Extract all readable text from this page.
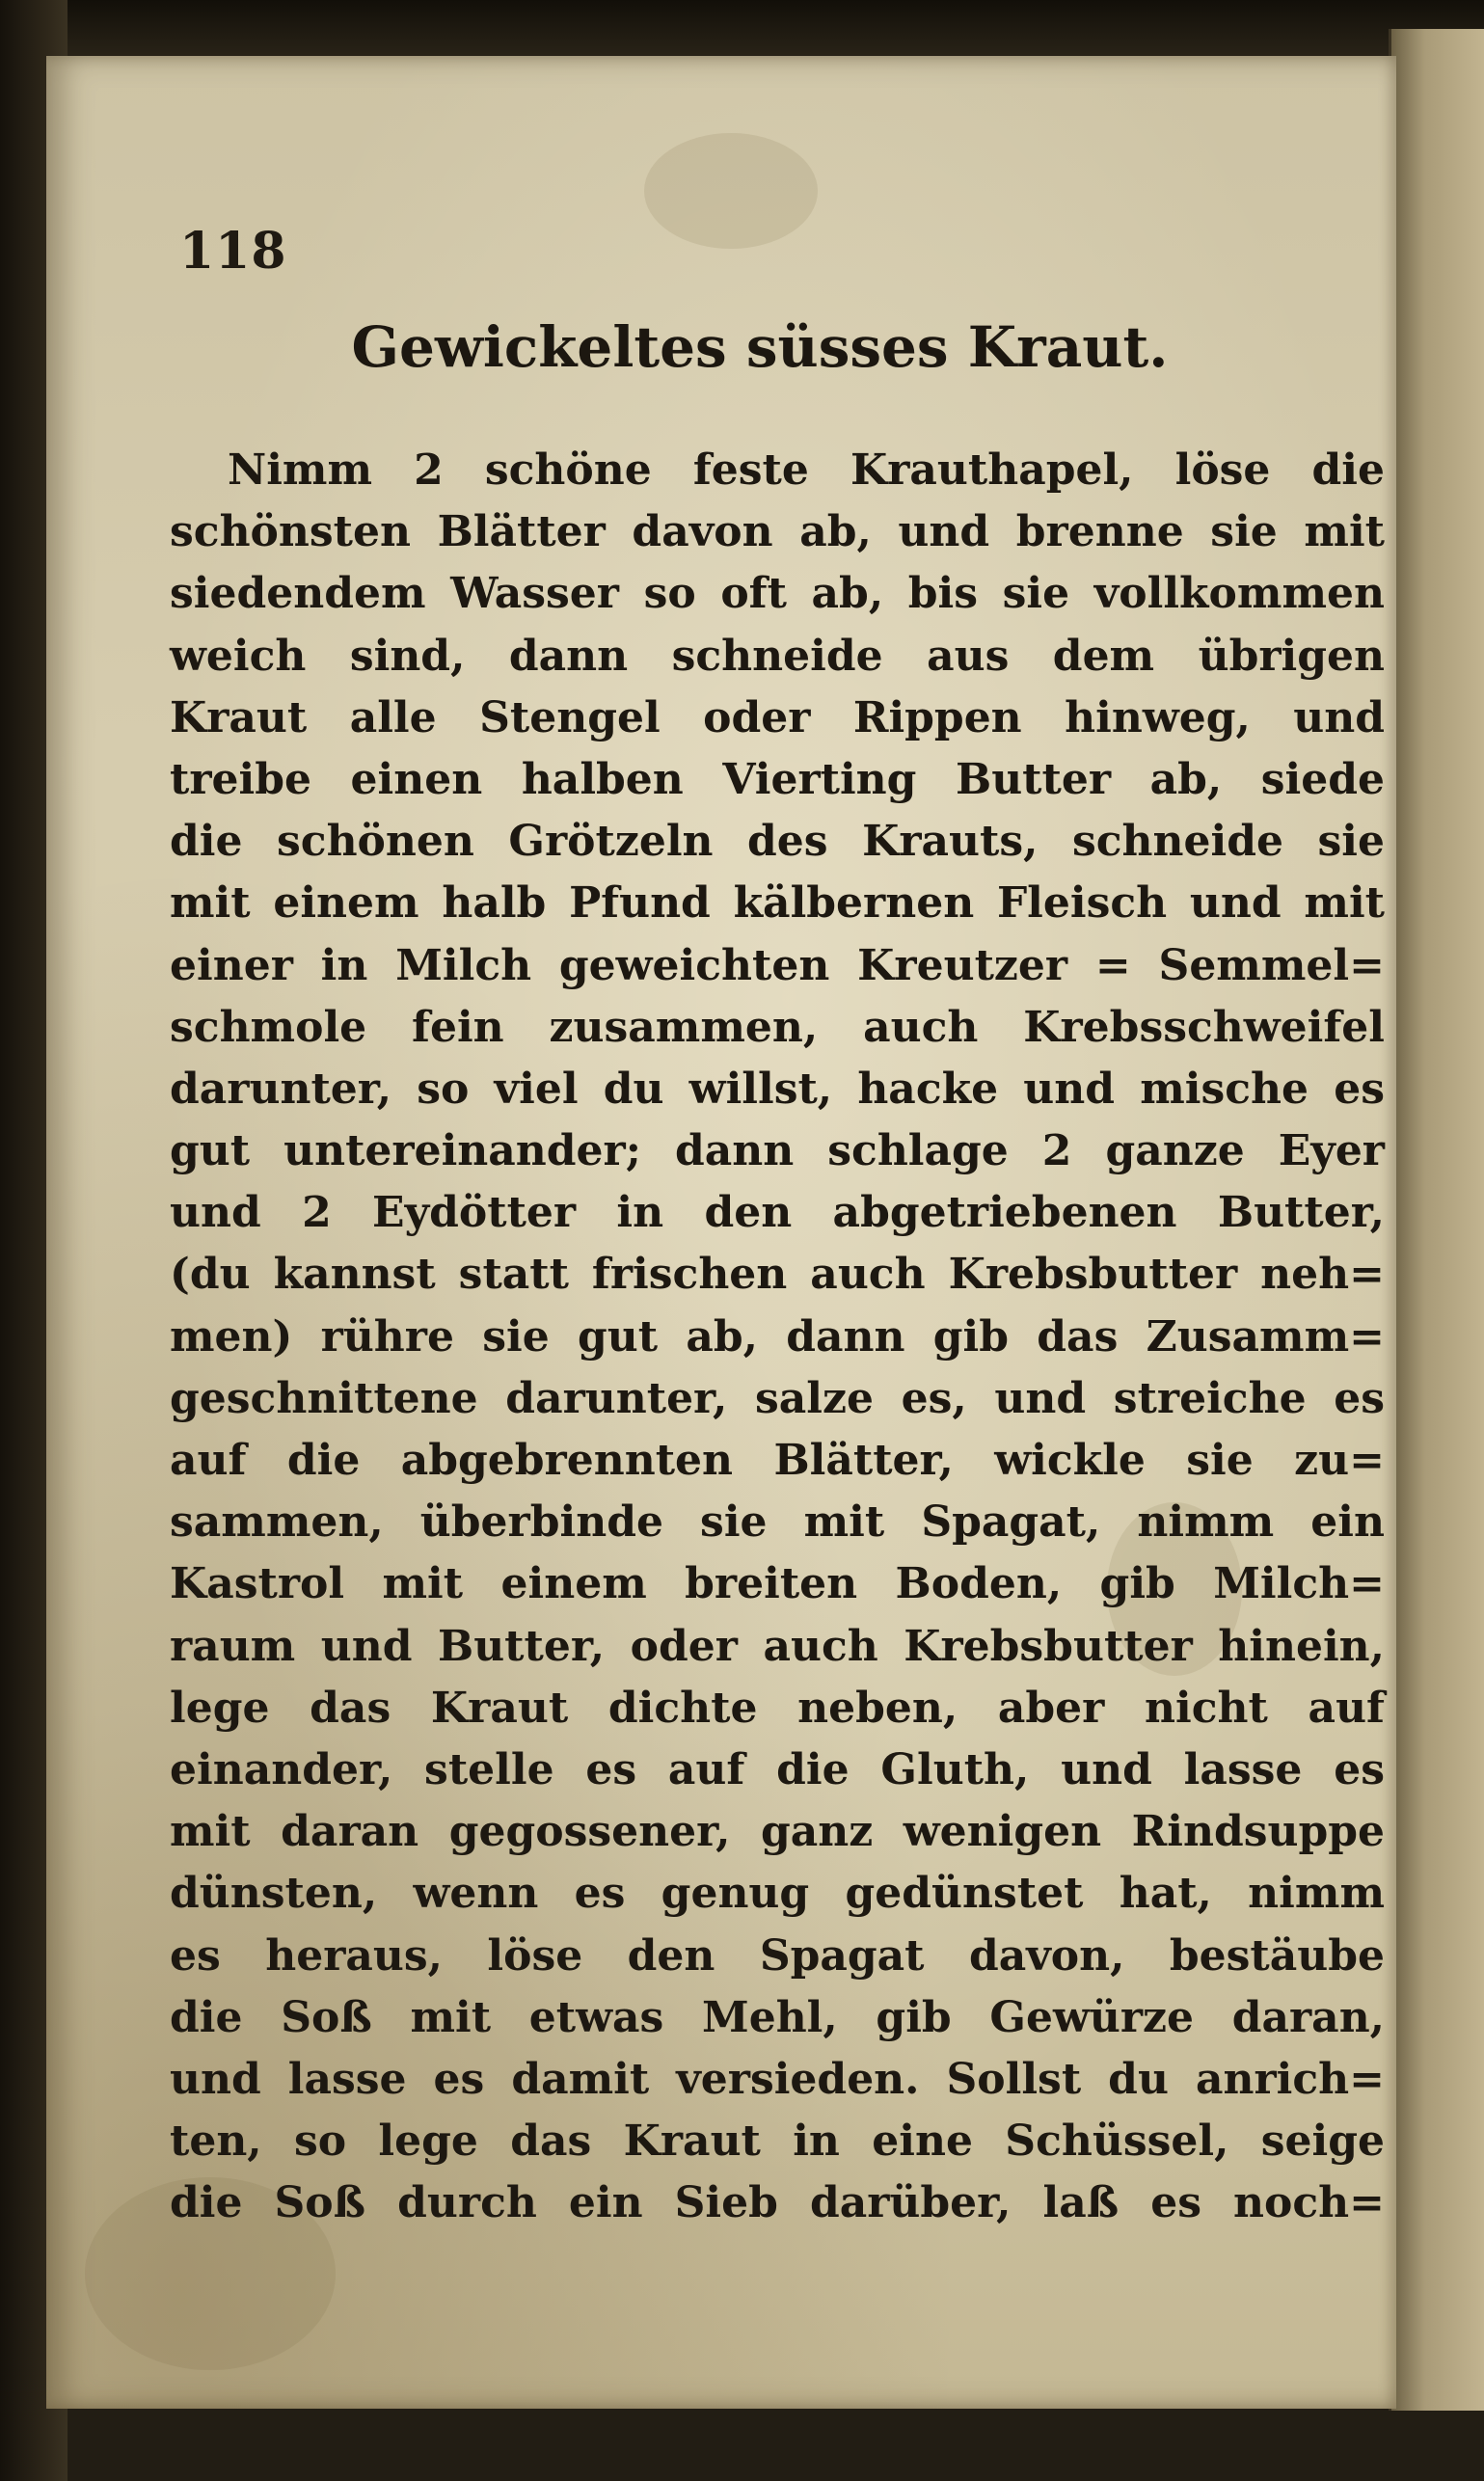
118

Gewickeltes süsses Kraut.
Nimm 2 schöne feste Krauthapel, löse die
schönsten Blätter davon ab, und brenne sie mit
siedendem Wasser so oft ab, bis sie vollkommen
weich sind, dann schneide aus dem übrigen
Kraut alle Stengel oder Rippen hinweg, und
treibe einen halben Vierting Butter ab, siede
die schönen Grötzeln des Krauts, schneide sie
mit einem halb Pfund kälbernen Fleisch und mit
einer in Milch geweichten Kreutzer = Semmel=
schmole fein zusammen, auch Krebsschweifel
darunter, so viel du willst, hacke und mische es
gut untereinander; dann schlage 2 ganze Eyer
und 2 Eydötter in den abgetriebenen Butter,
(du kannst statt frischen auch Krebsbutter neh=
men) rühre sie gut ab, dann gib das Zusamm=
geschnittene darunter, salze es, und streiche es
auf die abgebrennten Blätter, wickle sie zu=
sammen, überbinde sie mit Spagat, nimm ein
Kastrol mit einem breiten Boden, gib Milch=
raum und Butter, oder auch Krebsbutter hinein,
lege das Kraut dichte neben, aber nicht auf
einander, stelle es auf die Gluth, und lasse es
mit daran gegossener, ganz wenigen Rindsuppe
dünsten, wenn es genug gedünstet hat, nimm
es heraus, löse den Spagat davon, bestäube
die Soß mit etwas Mehl, gib Gewürze daran,
und lasse es damit versieden. Sollst du anrich=
ten, so lege das Kraut in eine Schüssel, seige
die Soß durch ein Sieb darüber, laß es noch=
